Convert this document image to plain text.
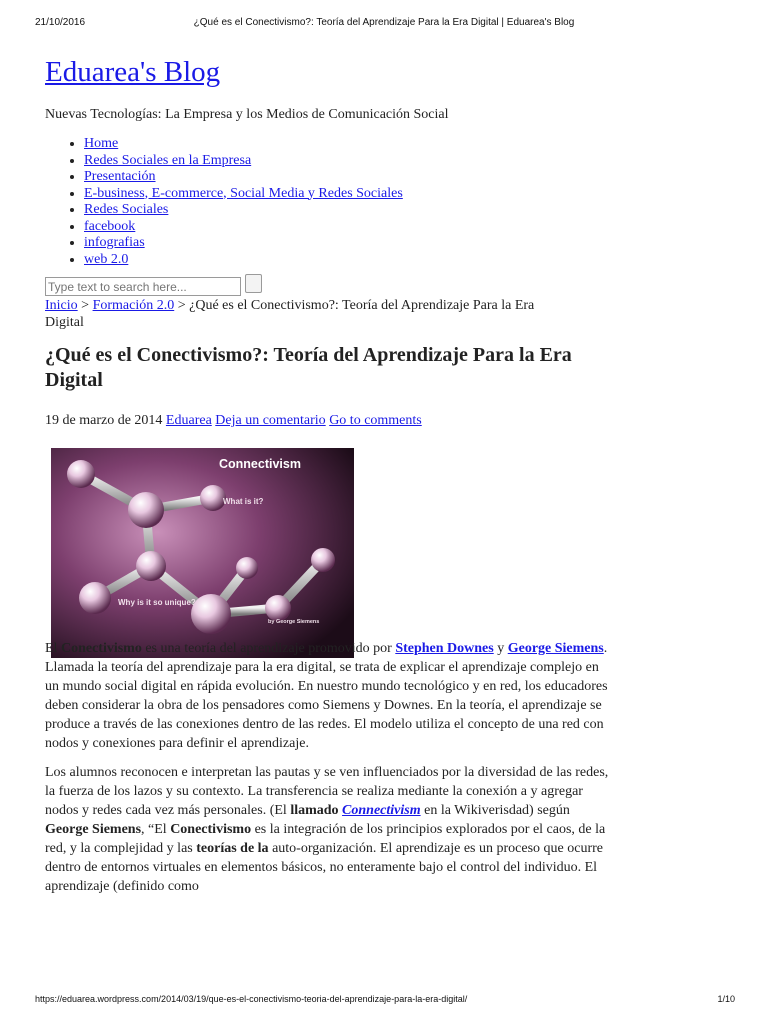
21/10/2016	¿Qué es el Conectivismo?: Teoría del Aprendizaje Para la Era Digital | Eduarea's Blog
Eduarea's Blog
Nuevas Tecnologías: La Empresa y los Medios de Comunicación Social
• Home
• Redes Sociales en la Empresa
• Presentación
• E-business, E-commerce, Social Media y Redes Sociales
• Redes Sociales
• facebook
• infografias
• web 2.0
Type text to search here...
Inicio > Formación 2.0 > ¿Qué es el Conectivismo?: Teoría del Aprendizaje Para la Era Digital
¿Qué es el Conectivismo?: Teoría del Aprendizaje Para la Era Digital
19 de marzo de 2014 Eduarea Deja un comentario Go to comments
Connectivism
What is it?
Why is it so unique?
by George Siemens

El Conectivismo es una teoría del aprendizaje promovido por Stephen Downes y George Siemens. Llamada la teoría del aprendizaje para la era digital, se trata de explicar el aprendizaje complejo en un mundo social digital en rápida evolución. En nuestro mundo tecnológico y en red, los educadores deben considerar la obra de los pensadores como Siemens y Downes. En la teoría, el aprendizaje se produce a través de las conexiones dentro de las redes. El modelo utiliza el concepto de una red con nodos y conexiones para definir el aprendizaje.

Los alumnos reconocen e interpretan las pautas y se ven influenciados por la diversidad de las redes, la fuerza de los lazos y su contexto. La transferencia se realiza mediante la conexión a y agregar nodos y redes cada vez más personales. (El llamado Connectivism en la Wikiverisdad) según George Siemens, “El Conectivismo es la integración de los principios explorados por el caos, de la red, y la complejidad y las teorías de la auto-organización. El aprendizaje es un proceso que ocurre dentro de entornos virtuales en elementos básicos, no enteramente bajo el control del individuo. El aprendizaje (definido como

https://eduarea.wordpress.com/2014/03/19/que-es-el-conectivismo-teoria-del-aprendizaje-para-la-era-digital/	1/10
